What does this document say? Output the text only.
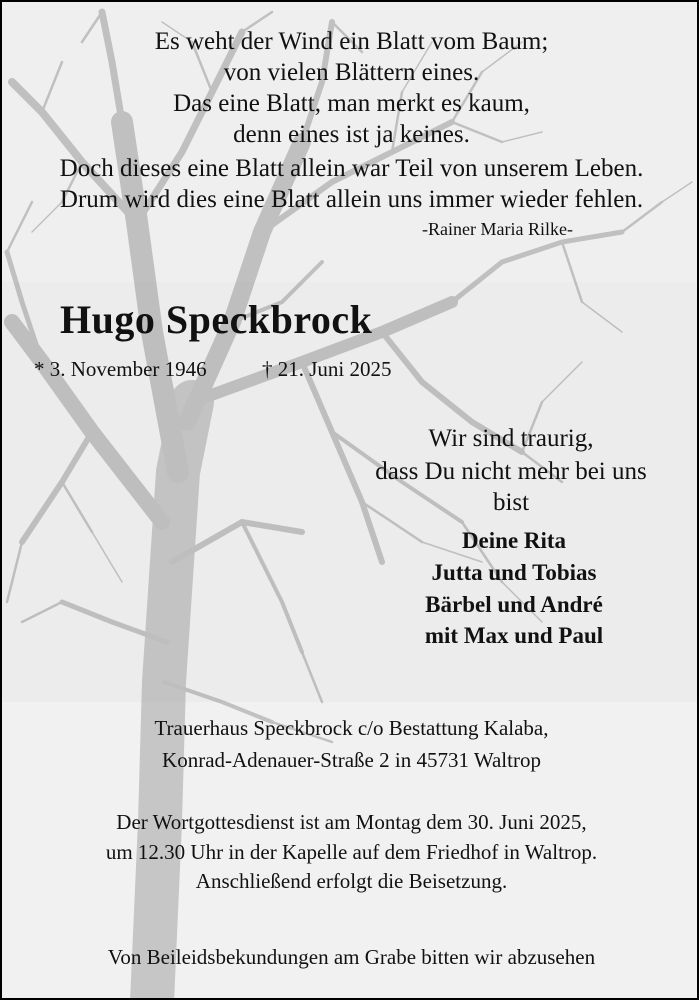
Es weht der Wind ein Blatt vom Baum;
von vielen Blättern eines.
Das eine Blatt, man merkt es kaum,
denn eines ist ja keines.
Doch dieses eine Blatt allein war Teil von unserem Leben.
Drum wird dies eine Blatt allein uns immer wieder fehlen.
-Rainer Maria Rilke-
Hugo Speckbrock
* 3. November 1946	† 21. Juni 2025
Wir sind traurig,
dass Du nicht mehr bei uns
bist
Deine Rita
Jutta und Tobias
Bärbel und André
mit Max und Paul
Trauerhaus Speckbrock c/o Bestattung Kalaba,
Konrad-Adenauer-Straße 2 in 45731 Waltrop
Der Wortgottesdienst ist am Montag dem 30. Juni 2025,
um 12.30 Uhr in der Kapelle auf dem Friedhof in Waltrop.
Anschließend erfolgt die Beisetzung.
Von Beileidsbekundungen am Grabe bitten wir abzusehen
